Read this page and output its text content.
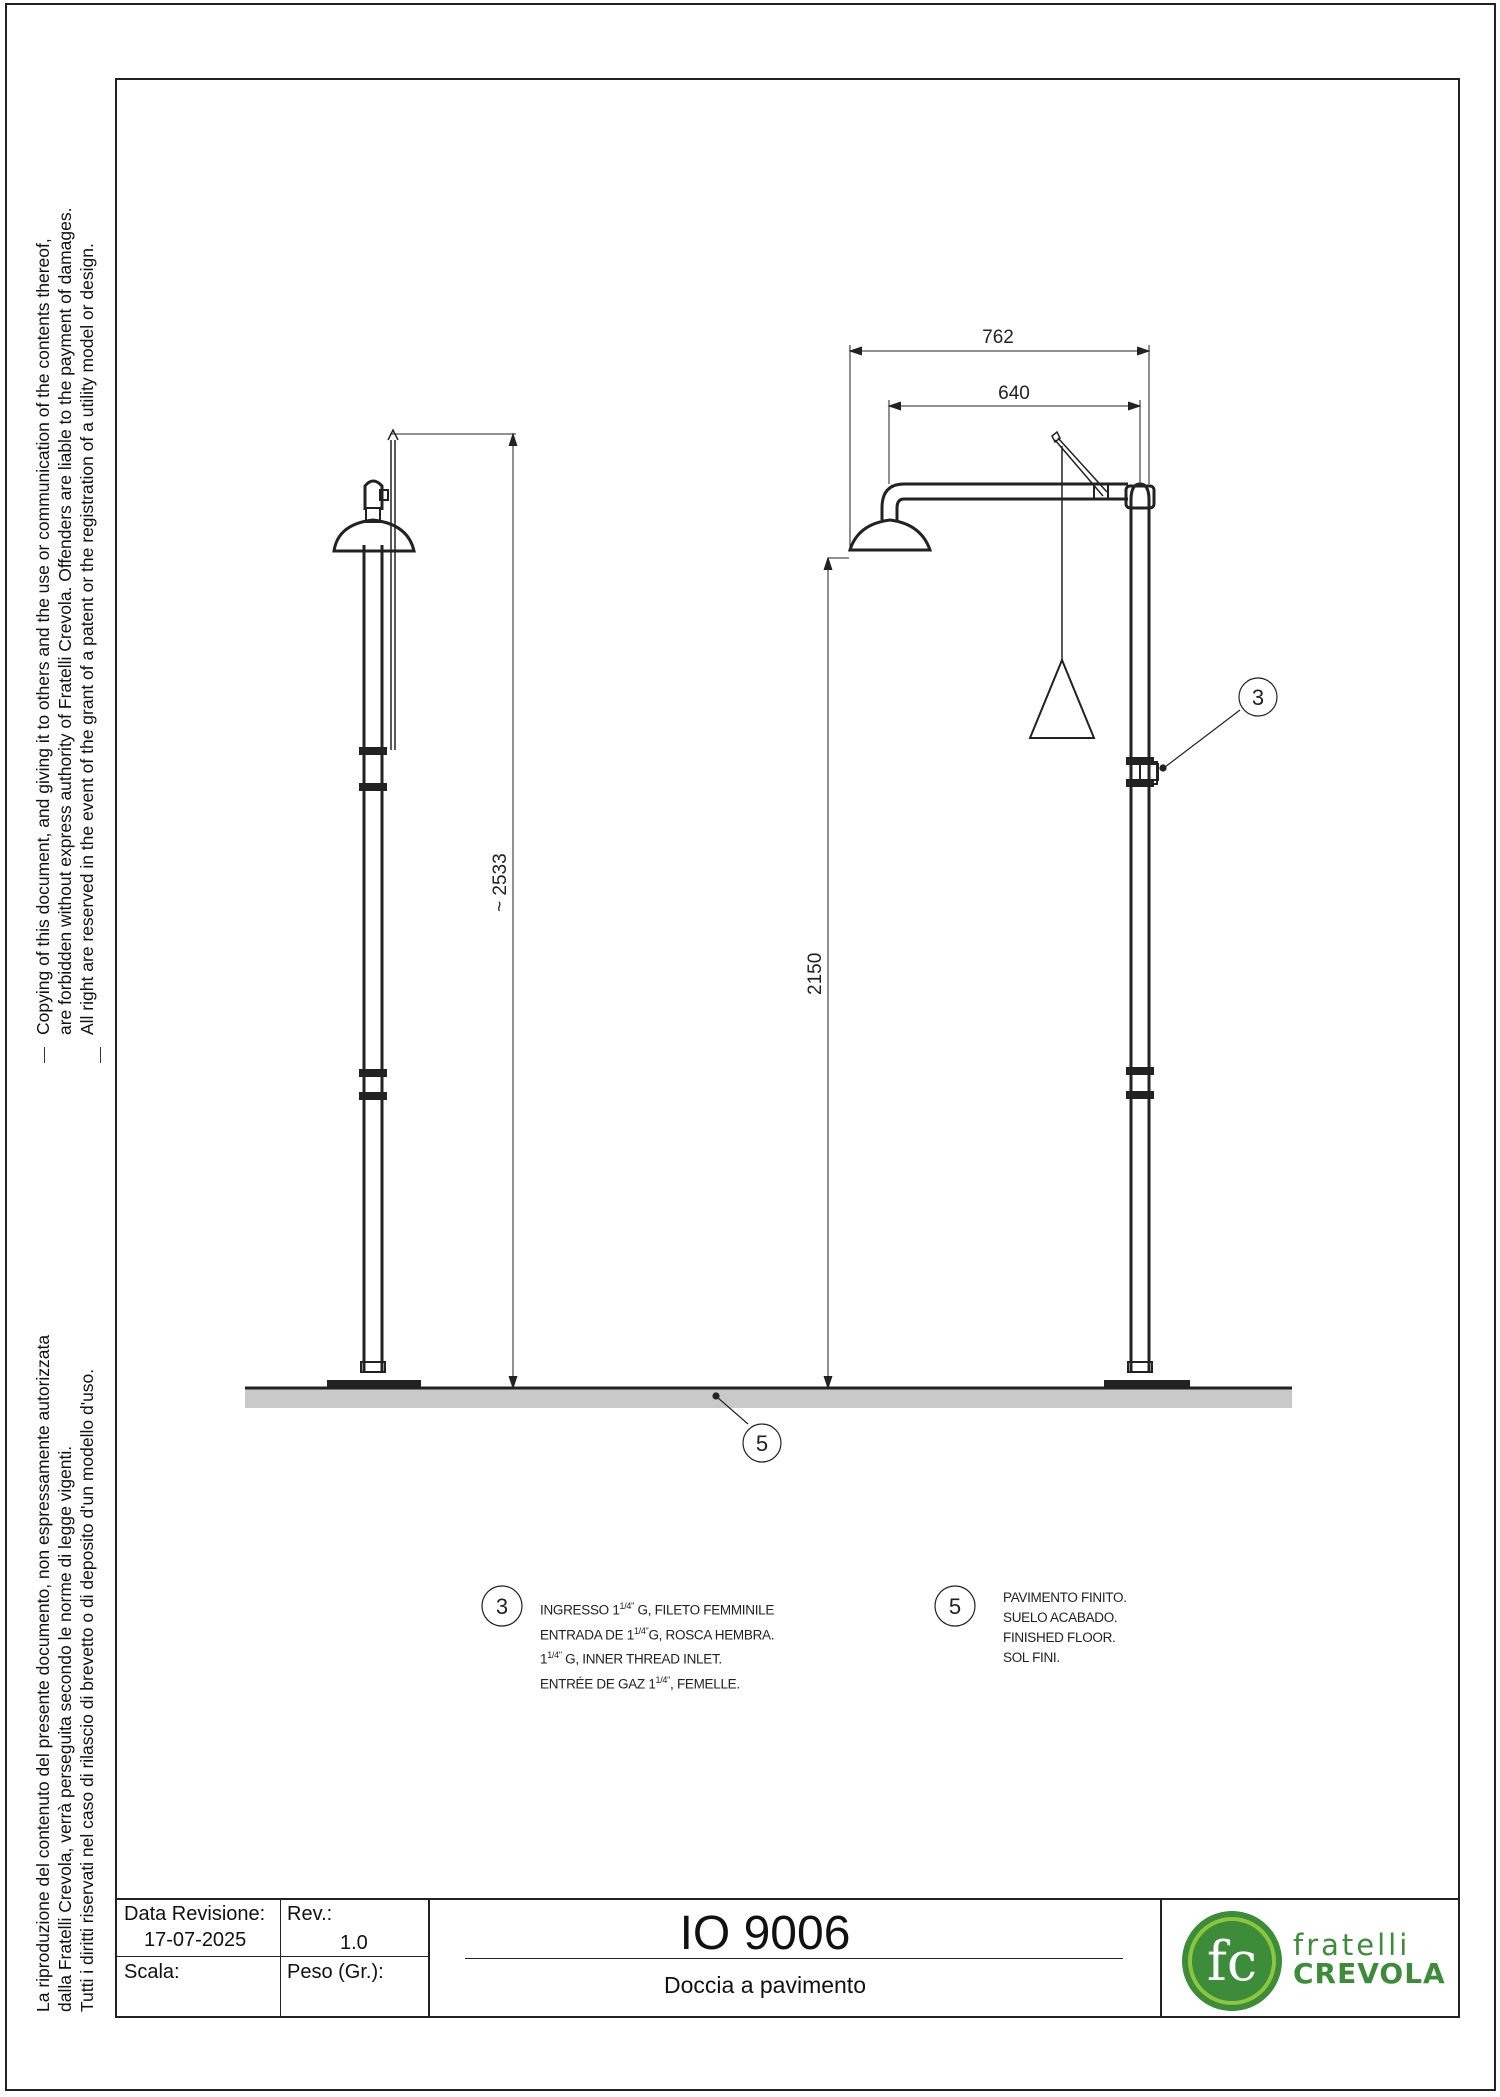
Copying of this document, and giving it to others and the use or communication of the contents thereof, are forbidden without express authority of Fratelli Crevola. Offenders are liable to the payment of damages. All right are reserved in the event of the grant of a patent or the registration of a utility model or design.
La riproduzione del contenuto del presente documento, non espressamente autorizzata dalla Fratelli Crevola, verrà perseguita secondo le norme di legge vigenti. Tutti i diritti riservati nel caso di rilascio di brevetto o di deposito d'un modello d'uso.
~ 2533
2150
762
640
3
5
3	5
INGRESSO $1^{1/4"}$ G, FILETO FEMMINILE
ENTRADA DE $1^{1/4"}G$, ROSCA HEMBRA.
$1^{1/4"}$ G, INNER THREAD INLET.
ENTRÉE DE GAZ $1^{1/4"}$, FEMELLE.
PAVIMENTO FINITO.
SUELO ACABADO.
FINISHED FLOOR.
SOL FINI.
Data Revisione:
17-07-2025
Rev.:
1.0
Scala:	Peso (Gr.):
IO 9006
Doccia a pavimento	fc fratelli
CREVOLA
